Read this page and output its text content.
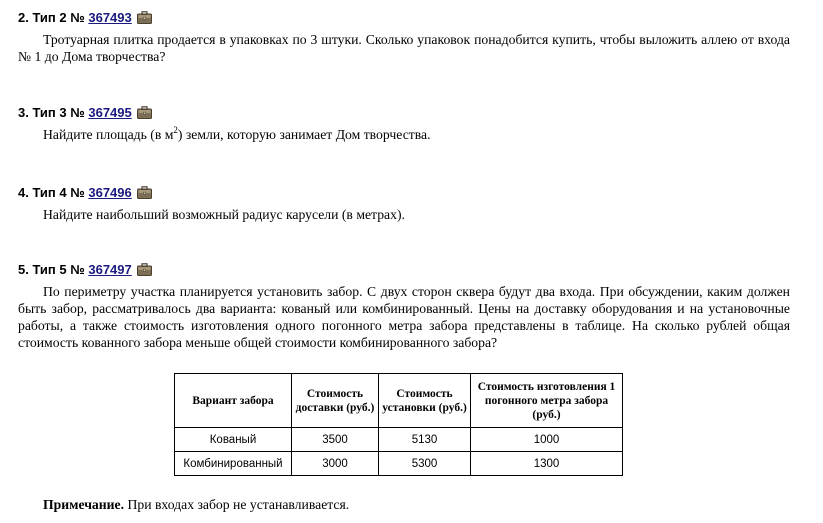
2. Тип 2 № 367493
Тротуарная плитка продается в упаковках по 3 штуки. Сколько упаковок понадобится купить, чтобы выложить аллею от входа № 1 до Дома творчества?
3. Тип 3 № 367495
Найдите площадь (в $м^2$) земли, которую занимает Дом творчества.
4. Тип 4 № 367496
Найдите наибольший возможный радиус карусели (в метрах).
5. Тип 5 № 367497
По периметру участка планируется установить забор. С двух сторон сквера будут два входа. При обсуждении, каким должен быть забор, рассматривалось два варианта: кованый или комбинированный. Цены на доставку оборудования и на установочные работы, а также стоимость изготовления одного погонного метра забора представлены в таблице. На сколько рублей общая стоимость кованного забора меньше общей стоимости комбинированного забора?
Вариант забора	Стоимость доставки (руб.)	Стоимость установки (руб.)	Стоимость изготовления 1 погонного метра забора (руб.)
Кованый	3500	5130	1000
Комбинированный	3000	5300	1300
Примечание. При входах забор не устанавливается.
